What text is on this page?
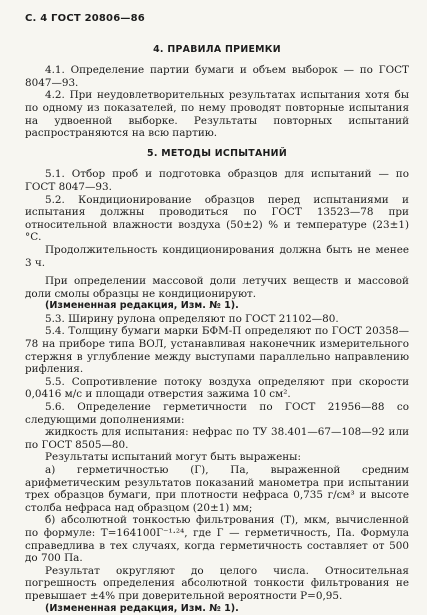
С. 4 ГОСТ 20806—86
4. ПРАВИЛА ПРИЕМКИ

4.1. Определение партии бумаги и объем выборок — по ГОСТ 8047—93.

4.2. При неудовлетворительных результатах испытания хотя бы по одному из показателей, по нему проводят повторные испытания на удвоенной выборке. Результаты повторных испытаний распространяются на всю партию.

5. МЕТОДЫ ИСПЫТАНИЙ

5.1. Отбор проб и подготовка образцов для испытаний — по ГОСТ 8047—93.

5.2. Кондиционирование образцов перед испытаниями и испытания должны проводиться по ГОСТ 13523—78 при относительной влажности воздуха (50±2) % и температуре (23±1) °С.

Продолжительность кондиционирования должна быть не менее 3 ч.

При определении массовой доли летучих веществ и массовой доли смолы образцы не кондиционируют.

(Измененная редакция, Изм. № 1).

5.3. Ширину рулона определяют по ГОСТ 21102—80.

5.4. Толщину бумаги марки БФМ-П определяют по ГОСТ 20358—78 на приборе типа ВОЛ, устанавливая наконечник измерительного стержня в углубление между выступами параллельно направлению рифления.

5.5. Сопротивление потоку воздуха определяют при скорости 0,0416 м/с и площади отверстия зажима 10 см².

5.6. Определение герметичности по ГОСТ 21956—88 со следующими дополнениями:

жидкость для испытания: нефрас по ТУ 38.401—67—108—92 или по ГОСТ 8505—80.

Результаты испытаний могут быть выражены:

а) герметичностью (Г), Па, выраженной средним арифметическим результатов показаний манометра при испытании трех образцов бумаги, при плотности нефраса 0,735 г/см³ и высоте столба нефраса над образцом (20±1) мм;

б) абсолютной тонкостью фильтрования (T), мкм, вычисленной по формуле: T=164100Г⁻¹·²⁴, где Г — герметичность, Па. Формула справедлива в тех случаях, когда герметичность составляет от 500 до 700 Па.

Результат округляют до целого числа. Относительная погрешность определения абсолютной тонкости фильтрования не превышает ±4% при доверительной вероятности P=0,95.

(Измененная редакция, Изм. № 1).
